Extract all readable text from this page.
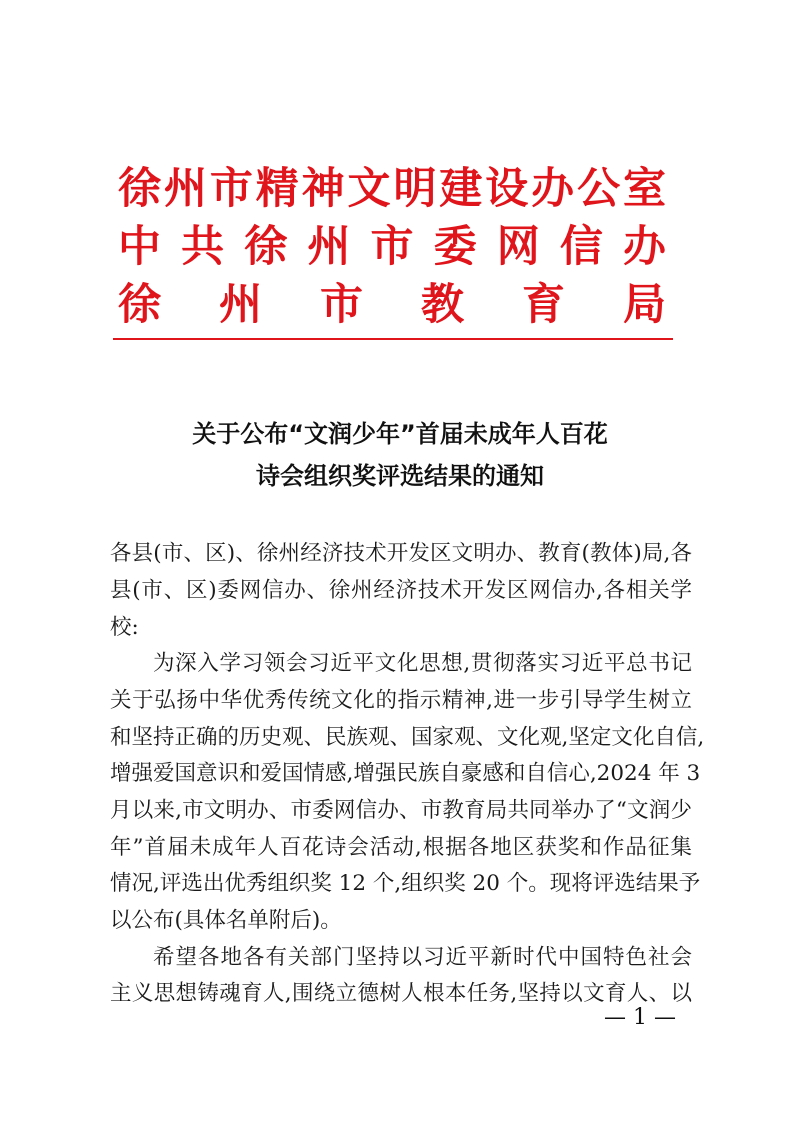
徐 州 市 精 神 文 明 建 设 办 公 室
中 共 徐 州 市 委 网 信 办
徐 州 市 教 育 局
关于公布“文润少年”首届未成年人百花
诗会组织奖评选结果的通知
各县(市、区)、徐州经济技术开发区文明办、教育(教体)局,各
县(市、区)委网信办、徐州经济技术开发区网信办,各相关学
校:
为深入学习领会习近平文化思想,贯彻落实习近平总书记
关于弘扬中华优秀传统文化的指示精神,进一步引导学生树立
和坚持正确的历史观、民族观、国家观、文化观,坚定文化自信,
增强爱国意识和爱国情感,增强民族自豪感和自信心,2024 年 3
月以来,市文明办、市委网信办、市教育局共同举办了“文润少
年”首届未成年人百花诗会活动,根据各地区获奖和作品征集
情况,评选出优秀组织奖 12 个,组织奖 20 个。现将评选结果予
以公布(具体名单附后)。
希望各地各有关部门坚持以习近平新时代中国特色社会
主义思想铸魂育人,围绕立德树人根本任务,坚持以文育人、以
— 1 —
